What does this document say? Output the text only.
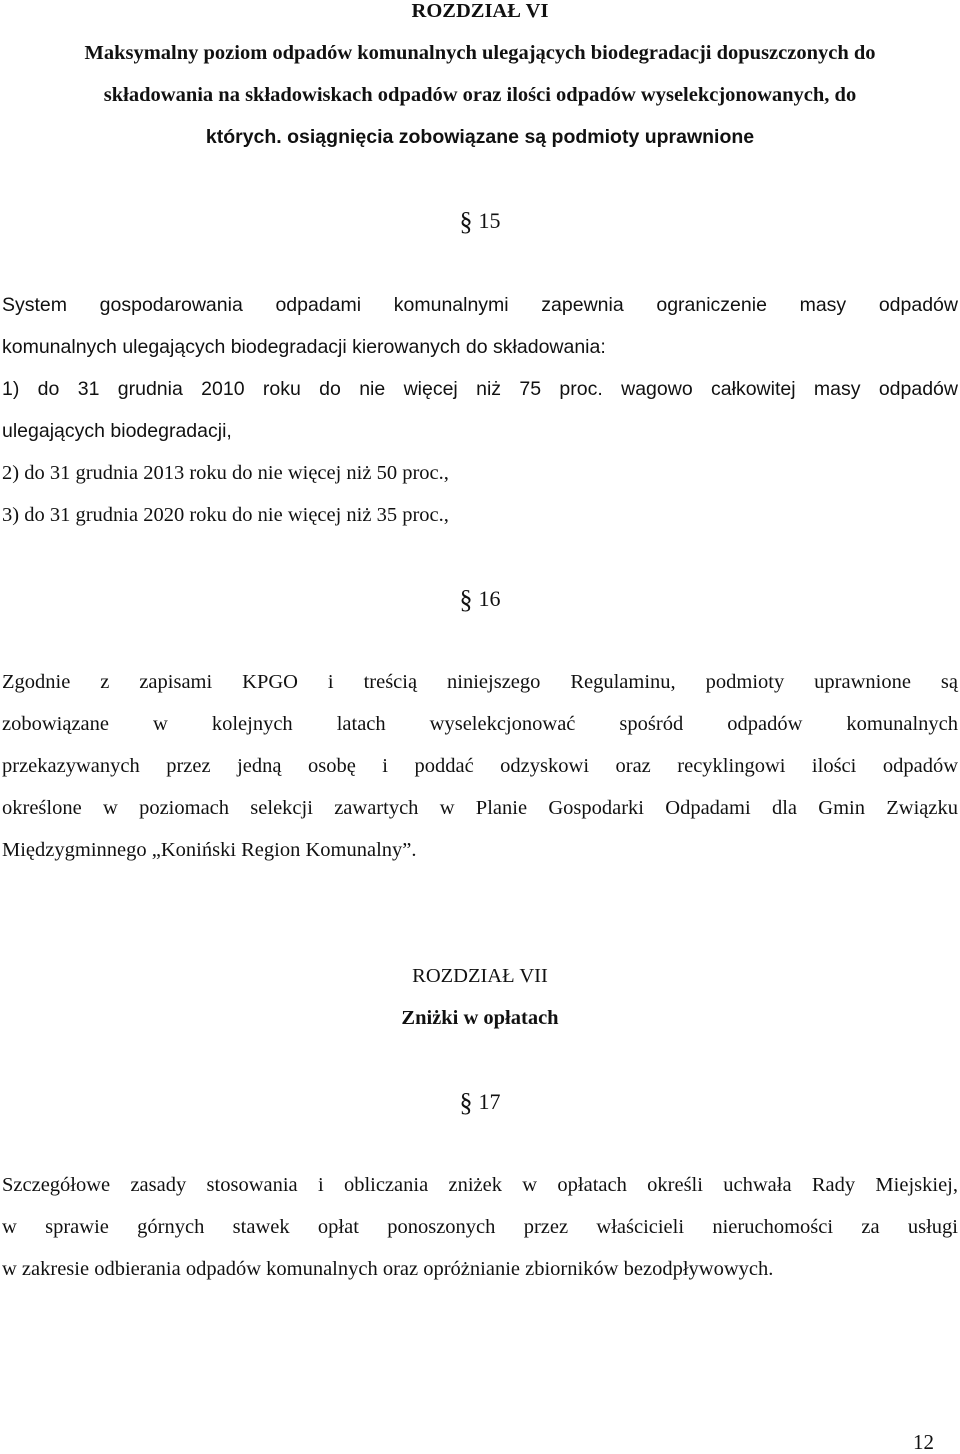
ROZDZIAŁ VI
Maksymalny poziom odpadów komunalnych ulegających biodegradacji dopuszczonych do
składowania na składowiskach odpadów oraz ilości odpadów wyselekcjonowanych, do
których. osiągnięcia zobowiązane są podmioty uprawnione
§ 15
System gospodarowania odpadami komunalnymi zapewnia ograniczenie masy odpadów
komunalnych ulegających biodegradacji kierowanych do składowania:
1) do 31 grudnia 2010 roku do nie więcej niż 75 proc. wagowo całkowitej masy odpadów
ulegających biodegradacji,
2) do 31 grudnia 2013 roku do nie więcej niż 50 proc.,
3) do 31 grudnia 2020 roku do nie więcej niż 35 proc.,
§ 16
Zgodnie z zapisami KPGO i treścią niniejszego Regulaminu, podmioty uprawnione są
zobowiązane w kolejnych latach wyselekcjonować spośród odpadów komunalnych
przekazywanych przez jedną osobę i poddać odzyskowi oraz recyklingowi ilości odpadów
określone w poziomach selekcji zawartych w Planie Gospodarki Odpadami dla Gmin Związku
Międzygminnego „Koniński Region Komunalny”.
ROZDZIAŁ VII
Zniżki w opłatach
§ 17
Szczegółowe zasady stosowania i obliczania zniżek w opłatach określi uchwała Rady Miejskiej,
w sprawie górnych stawek opłat ponoszonych przez właścicieli nieruchomości za usługi
w zakresie odbierania odpadów komunalnych oraz opróżnianie zbiorników bezodpływowych.
12
